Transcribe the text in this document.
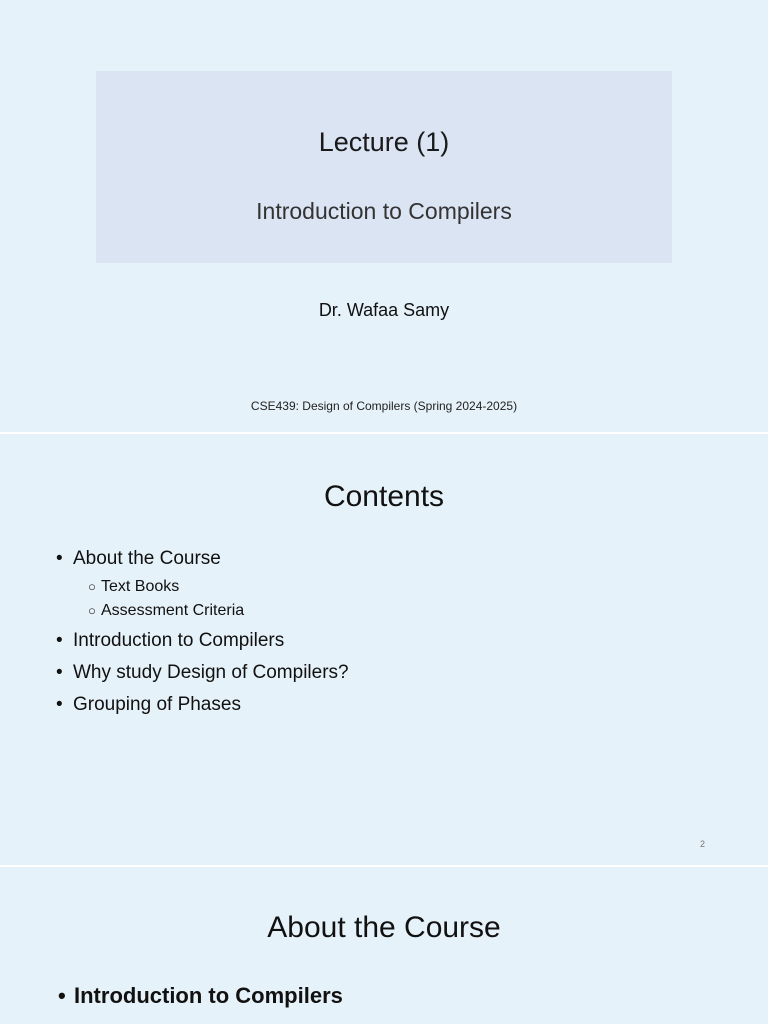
Lecture (1)
Introduction to Compilers
Dr. Wafaa Samy
CSE439: Design of Compilers (Spring 2024-2025)
Contents
• About the Course
○ Text Books
○ Assessment Criteria
• Introduction to Compilers
• Why study Design of Compilers?
• Grouping of Phases
2
About the Course
• Introduction to Compilers
